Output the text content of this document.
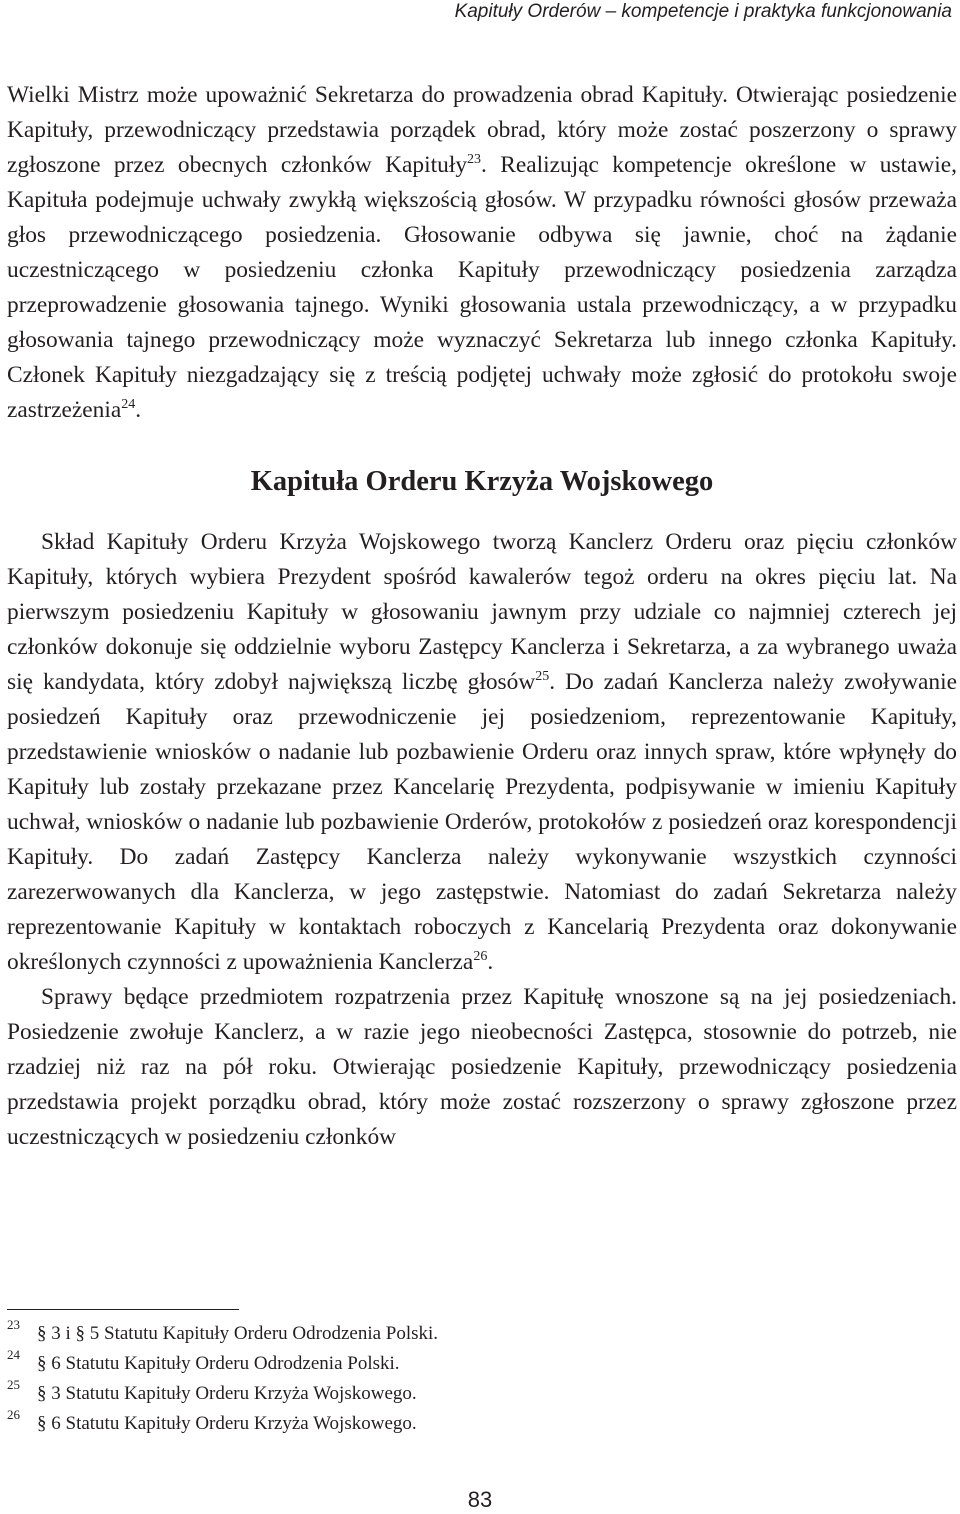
Kapituły Orderów – kompetencje i praktyka funkcjonowania

Wielki Mistrz może upoważnić Sekretarza do prowadzenia obrad Kapituły. Otwierając posiedzenie Kapituły, przewodniczący przedstawia porządek obrad, który może zostać poszerzony o sprawy zgłoszone przez obecnych członków Kapituły$^{23}$. Realizując kompetencje określone w ustawie, Kapituła podejmuje uchwały zwykłą większością głosów. W przypadku równości głosów przeważa głos przewodniczącego posiedzenia. Głosowanie odbywa się jawnie, choć na żądanie uczestniczącego w posiedzeniu członka Kapituły przewodniczący posiedzenia zarządza przeprowadzenie głosowania tajnego. Wyniki głosowania ustala przewodniczący, a w przypadku głosowania tajnego przewodniczący może wyznaczyć Sekretarza lub innego członka Kapituły. Członek Kapituły niezgadzający się z treścią podjętej uchwały może zgłosić do protokołu swoje zastrzeżenia$^{24}$.

Kapituła Orderu Krzyża Wojskowego

Skład Kapituły Orderu Krzyża Wojskowego tworzą Kanclerz Orderu oraz pięciu członków Kapituły, których wybiera Prezydent spośród kawalerów tegoż orderu na okres pięciu lat. Na pierwszym posiedzeniu Kapituły w głosowaniu jawnym przy udziale co najmniej czterech jej członków dokonuje się oddzielnie wyboru Zastępcy Kanclerza i Sekretarza, a za wybranego uważa się kandydata, który zdobył największą liczbę głosów$^{25}$. Do zadań Kanclerza należy zwoływanie posiedzeń Kapituły oraz przewodniczenie jej posiedzeniom, reprezentowanie Kapituły, przedstawienie wniosków o nadanie lub pozbawienie Orderu oraz innych spraw, które wpłynęły do Kapituły lub zostały przekazane przez Kancelarię Prezydenta, podpisywanie w imieniu Kapituły uchwał, wniosków o nadanie lub pozbawienie Orderów, protokołów z posiedzeń oraz korespondencji Kapituły. Do zadań Zastępcy Kanclerza należy wykonywanie wszystkich czynności zarezerwowanych dla Kanclerza, w jego zastępstwie. Natomiast do zadań Sekretarza należy reprezentowanie Kapituły w kontaktach roboczych z Kancelarią Prezydenta oraz dokonywanie określonych czynności z upoważnienia Kanclerza$^{26}$.

Sprawy będące przedmiotem rozpatrzenia przez Kapitułę wnoszone są na jej posiedzeniach. Posiedzenie zwołuje Kanclerz, a w razie jego nieobecności Zastępca, stosownie do potrzeb, nie rzadziej niż raz na pół roku. Otwierając posiedzenie Kapituły, przewodniczący posiedzenia przedstawia projekt porządku obrad, który może zostać rozszerzony o sprawy zgłoszone przez uczestniczących w posiedzeniu członków

23 § 3 i § 5 Statutu Kapituły Orderu Odrodzenia Polski.
24 § 6 Statutu Kapituły Orderu Odrodzenia Polski.
25 § 3 Statutu Kapituły Orderu Krzyża Wojskowego.
26 § 6 Statutu Kapituły Orderu Krzyża Wojskowego.
83
